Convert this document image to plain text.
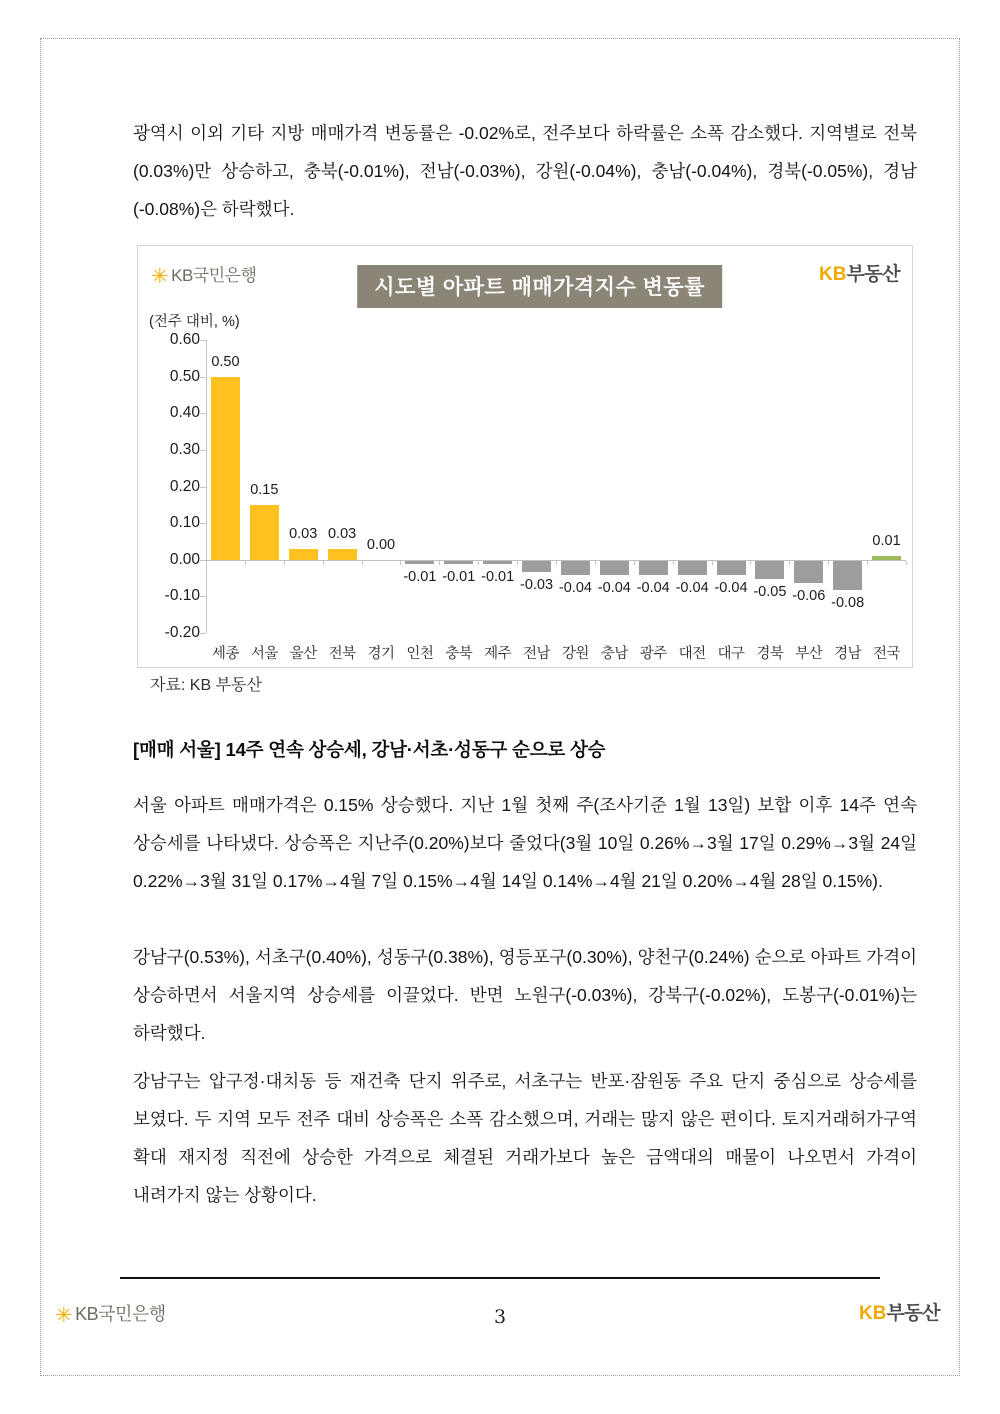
광역시 이외 기타 지방 매매가격 변동률은 -0.02%로, 전주보다 하락률은 소폭 감소했다. 지역별로 전북(0.03%)만 상승하고, 충북(-0.01%), 전남(-0.03%), 강원(-0.04%), 충남(-0.04%), 경북(-0.05%), 경남(-0.08%)은 하락했다.

✳ KB국민은행
시도별 아파트 매매가격지수 변동률
KB부동산
(전주 대비, %)
0.60
0.50
0.40
0.30
0.20
0.10
0.00
-0.10
-0.20
0.50
세종
0.15
서울
0.03
울산
0.03
전북
0.00
경기
-0.01
인천
-0.01
충북
-0.01
제주
-0.03
전남
-0.04
강원
-0.04
충남
-0.04
광주
-0.04
대전
-0.04
대구
-0.05
경북
-0.06
부산
-0.08
경남
0.01
전국
자료: KB 부동산
[매매 서울] 14주 연속 상승세, 강남·서초·성동구 순으로 상승

서울 아파트 매매가격은 0.15% 상승했다. 지난 1월 첫째 주(조사기준 1월 13일) 보합 이후 14주 연속 상승세를 나타냈다. 상승폭은 지난주(0.20%)보다 줄었다(3월 10일 0.26%→3월 17일 0.29%→3월 24일 0.22%→3월 31일 0.17%→4월 7일 0.15%→4월 14일 0.14%→4월 21일 0.20%→4월 28일 0.15%).

강남구(0.53%), 서초구(0.40%), 성동구(0.38%), 영등포구(0.30%), 양천구(0.24%) 순으로 아파트 가격이 상승하면서 서울지역 상승세를 이끌었다. 반면 노원구(-0.03%), 강북구(-0.02%), 도봉구(-0.01%)는 하락했다.

강남구는 압구정·대치동 등 재건축 단지 위주로, 서초구는 반포·잠원동 주요 단지 중심으로 상승세를 보였다. 두 지역 모두 전주 대비 상승폭은 소폭 감소했으며, 거래는 많지 않은 편이다. 토지거래허가구역 확대 재지정 직전에 상승한 가격으로 체결된 거래가보다 높은 금액대의 매물이 나오면서 가격이 내려가지 않는 상황이다.

✳ KB국민은행	3	KB부동산
